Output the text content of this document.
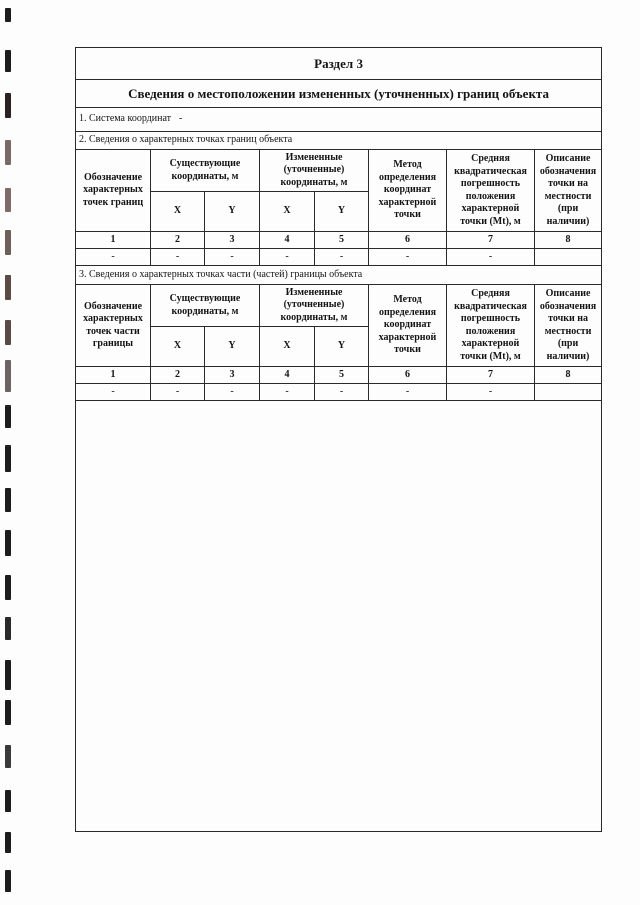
Раздел 3							
Сведения о местоположении измененных (уточненных) границ объекта							
1. Система координат -							
2. Сведения о характерных точках границ объекта							
Обозначение характерных точек границ	Существующие координаты, м		Измененные (уточненные) координаты, м		Метод определения координат характерной точки	Средняя квадратическая погрешность положения характерной точки (Mt), м	Описание обозначения точки на местности (при наличии)
	X	Y	X	Y			
1	2	3	4	5	6	7	8
-	-	-	-	-	-	-	
3. Сведения о характерных точках части (частей) границы объекта							
Обозначение характерных точек части границы	Существующие координаты, м		Измененные (уточненные) координаты, м		Метод определения координат характерной точки	Средняя квадратическая погрешность положения характерной точки (Mt), м	Описание обозначения точки на местности (при наличии)
	X	Y	X	Y			
1	2	3	4	5	6	7	8
-	-	-	-	-	-	-	
